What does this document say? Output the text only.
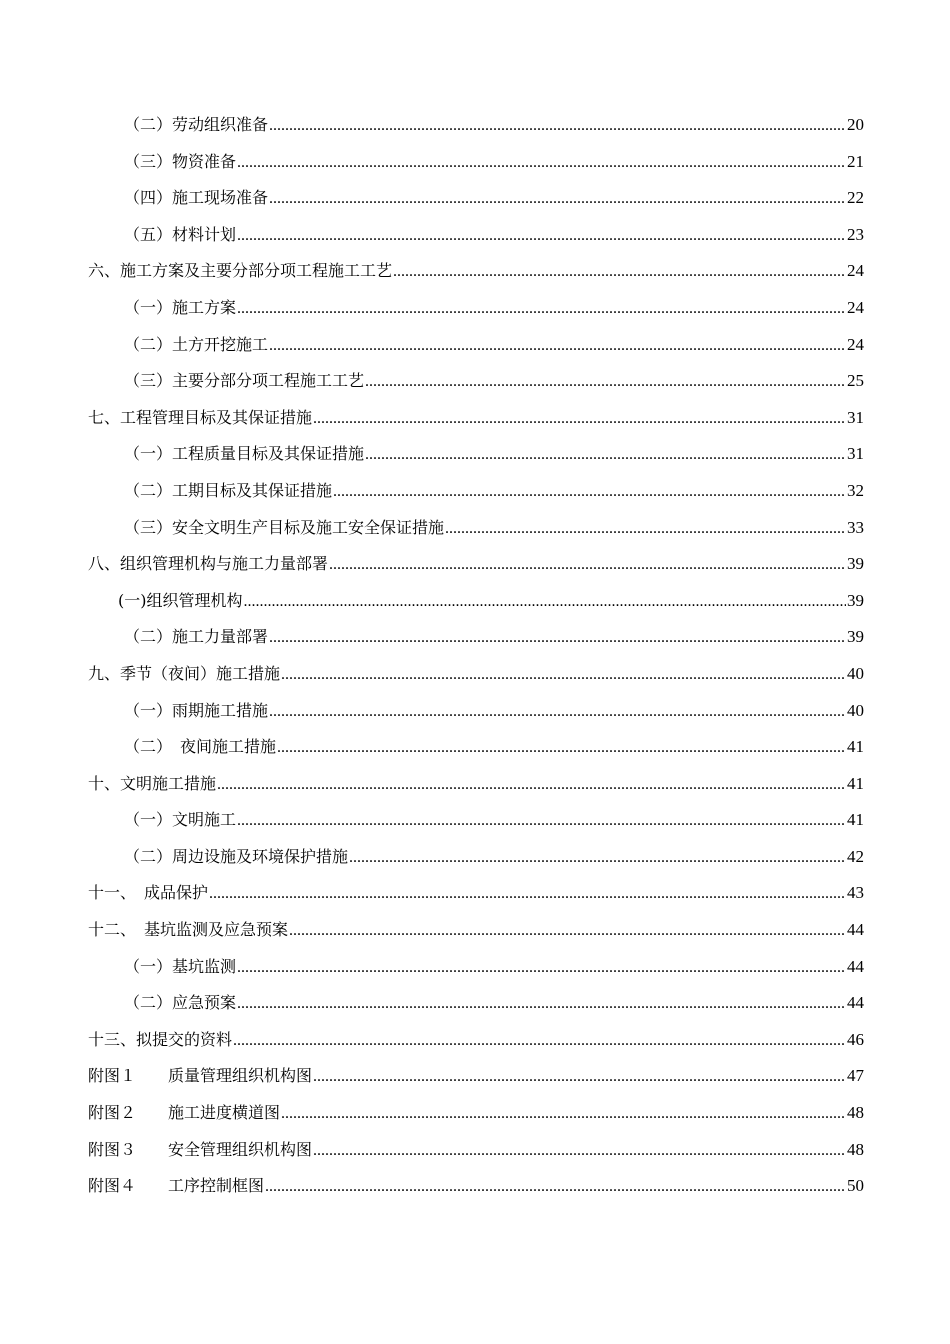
（二）劳动组织准备 .....	20
（三）物资准备 .....	21
（四）施工现场准备 .....	22
（五）材料计划 .....	23
六、施工方案及主要分部分项工程施工工艺 .....	24
（一）施工方案 .....	24
（二）土方开挖施工 .....	24
（三）主要分部分项工程施工工艺 .....	25
七、工程管理目标及其保证措施 .....	31
（一）工程质量目标及其保证措施 .....	31
（二）工期目标及其保证措施 .....	32
（三）安全文明生产目标及施工安全保证措施 .....	33
八、组织管理机构与施工力量部署 .....	39
(一)组织管理机构 .....	39
（二）施工力量部署 .....	39
九、季节（夜间）施工措施 .....	40
（一）雨期施工措施 .....	40
（二）　夜间施工措施 .....	41
十、文明施工措施 .....	41
（一）文明施工 .....	41
（二）周边设施及环境保护措施 .....	42
十一、　成品保护 .....	43
十二、　基坑监测及应急预案 .....	44
（一）基坑监测 .....	44
（二）应急预案 .....	44
十三、拟提交的资料 .....	46
附图１　　质量管理组织机构图 .....	47
附图２　　施工进度横道图 .....	48
附图３　　安全管理组织机构图 .....	48
附图４　　工序控制框图 .....	50
